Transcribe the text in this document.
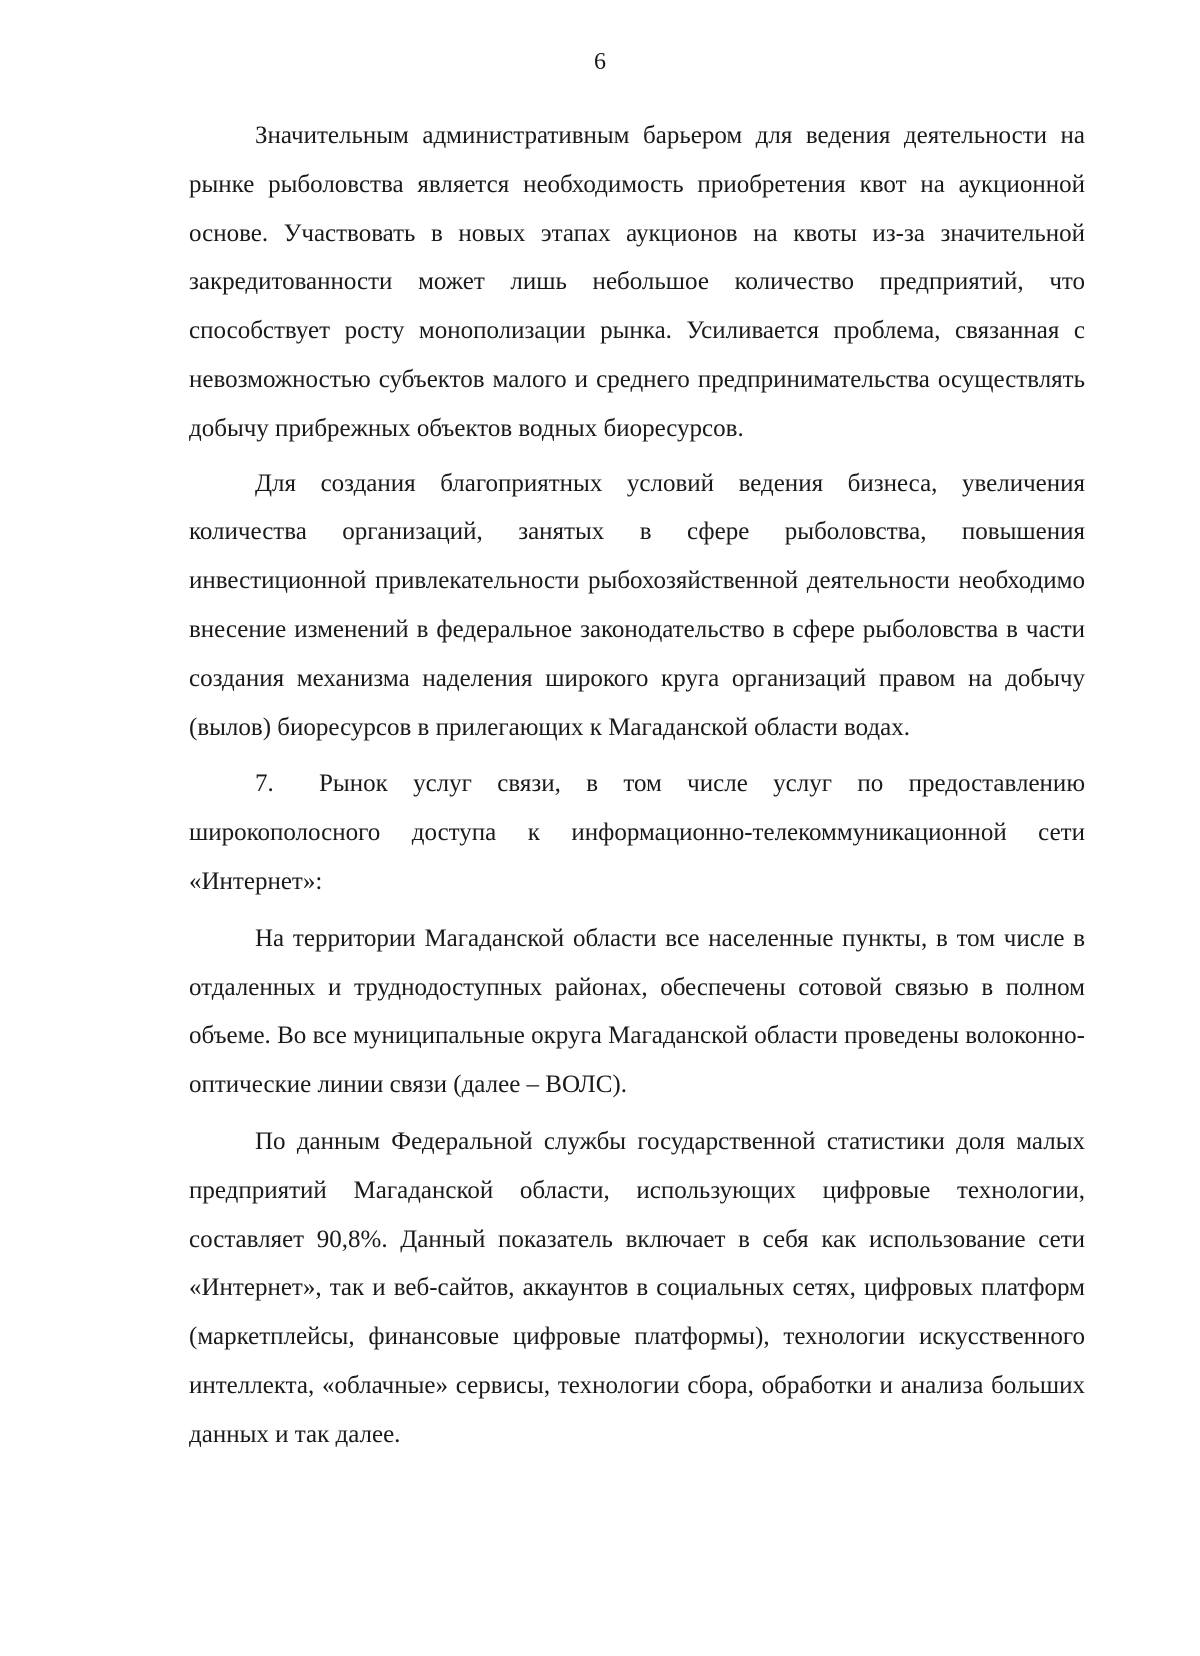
6

Значительным административным барьером для ведения деятельности на рынке рыболовства является необходимость приобретения квот на аукционной основе. Участвовать в новых этапах аукционов на квоты из-за значительной закредитованности может лишь небольшое количество предприятий, что способствует росту монополизации рынка. Усиливается проблема, связанная с невозможностью субъектов малого и среднего предпринимательства осуществлять добычу прибрежных объектов водных биоресурсов.

Для создания благоприятных условий ведения бизнеса, увеличения количества организаций, занятых в сфере рыболовства, повышения инвестиционной привлекательности рыбохозяйственной деятельности необходимо внесение изменений в федеральное законодательство в сфере рыболовства в части создания механизма наделения широкого круга организаций правом на добычу (вылов) биоресурсов в прилегающих к Магаданской области водах.

7. Рынок услуг связи, в том числе услуг по предоставлению широкополосного доступа к информационно-телекоммуникационной сети «Интернет»:

На территории Магаданской области все населенные пункты, в том числе в отдаленных и труднодоступных районах, обеспечены сотовой связью в полном объеме. Во все муниципальные округа Магаданской области проведены волоконно-оптические линии связи (далее – ВОЛС).

По данным Федеральной службы государственной статистики доля малых предприятий Магаданской области, использующих цифровые технологии, составляет 90,8%. Данный показатель включает в себя как использование сети «Интернет», так и веб-сайтов, аккаунтов в социальных сетях, цифровых платформ (маркетплейсы, финансовые цифровые платформы), технологии искусственного интеллекта, «облачные» сервисы, технологии сбора, обработки и анализа больших данных и так далее.
